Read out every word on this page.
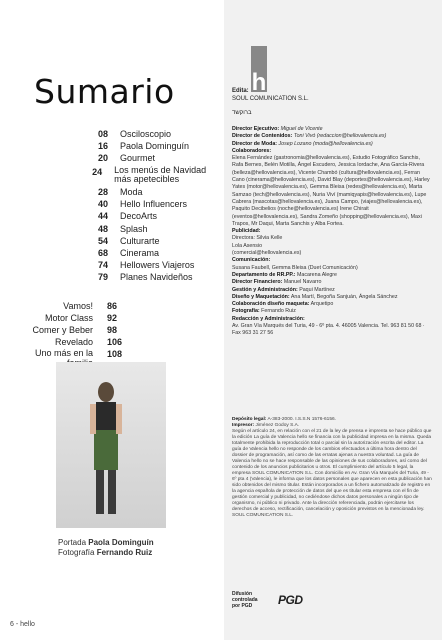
Sumario
08 Osciloscopio
16 Paola Dominguín
20 Gourmet
24 Los menús de Navidad más apetecibles
28 Moda
40 Hello Influencers
44 DecoArts
48 Splash
54 Culturarte
68 Cinerama
74 Hellowers Viajeros
79 Planes Navideños
Vamos! 86
Motor Class 92
Comer y Beber 98
Revelado 106
Uno más en la 108
Portada Paola Dominguín
Fotografía Fernando Ruiz
6 - hello
h
Edita:
SOUL COMUNICATION S.L.
ברוקשד
Director Ejecutivo: Miguel de Vicente
Director de Contenidos: Toni Vivó (redaccion@hellovalencia.es)
Director de Moda: Josep Lozano (moda@hellovalencia.es)
Colaboradores:
Elena Fernández (gastronomia@hellovalencia.es), Estudio Fotográfico Sanchis, Rafa Bernes, Belén Motilla, Ángel Escudero, Jessica Iordache, Ana García-Rivera (belleza@hellovalencia.es), Vicente Chambó (cultura@hellovalencia.es), Ferran Cano (cinerama@hellovalencia.es), David Blay (deportes@hellovalencia.es), Harley Yates (motor@hellovalencia.es), Gemma Bleisa (redes@hellovalencia.es), Marta Samzao (tech@hellovalencia.es), Nuria Viví (mamiqyapis@hellovalencia.es), Lupe Cabrera (mascotas@hellovalencia.es), Juana Campo, (viajes@hellovalencia.es), Paquito Decibelios (noche@hellovalencia.es) Irene Chirait (eventos@hellovalencia.es), Sandra Zomeño (shopping@hellovalencia.es), Maxi Trapos, Mr Daqui, Marta Sanchis y Alba Fortea.
Publicidad:
Directora: Silvia Kelle
Lola Asensio
(comercial@hellovalencia.es)
Comunicación:
Susana Faubell, Gemma Bleisa (Duet Comunicación)
Departamento de RR.PP.: Macarena Alegre
Director Financiero: Manuel Navarro
Gestión y Administración: Paqui Martínez
Diseño y Maquetación: Ana Martí, Begoña Sanjuán, Ángela Sánchez
Colaboración diseño maqueta: Arquetipo
Fotografía: Fernando Ruiz
Redacción y Administración:
Av. Gran Vía Marqués del Turia, 49 - 6º pta. 4. 46005 Valencia. Tel. 963 81 50 68 · Fax 963 31 27 56
Depósito legal: A-383-2000. I.S.S.N 1576-6156.
Impresor: Jiménez Godoy S.A.
Según el artículo 24, en relación con el 21 de la ley de prensa e imprenta se hace público que la edición La guía de Valencia hello se financia con la publicidad impresa en la misma. Queda totalmente prohibida la reproducción total o parcial sin la autorización escrita del editor. La guía de Valencia hello no responde de los cambios efectuados a última hora dentro del dossier de programación, así como de las erratas ajenas a nuestra voluntad. La guía de Valencia hello no se hace responsable de las opiniones de sus colaboradores, así como del contenido de los anuncios publicitarios u otros. El cumplimiento del artículo 5 legal, la empresa SOUL COMUNICATION S.L. Con domicilio en Av. Gran Vía Marqués del Turia, 49 - 6º pta 4 (Valencia), le informa que los datos personales que aparecen en esta publicación han sido obtenidos del mismo titular. Están incorporados a un fichero automatizado de registro en la agencia española de protección de datos del que es titular esta empresa con el fin de gestión comercial y publicidad, no cediéndose dichos datos personales a ningún tipo de organismo, ni público ni privado. Ante la dirección referenciada, podrán ejercitarse los derechos de acceso, rectificación, cancelación y oposición previstos en la mencionada ley. SOUL COMUNICATION S.L.
Difusión
controlada
por PGD	PGD
